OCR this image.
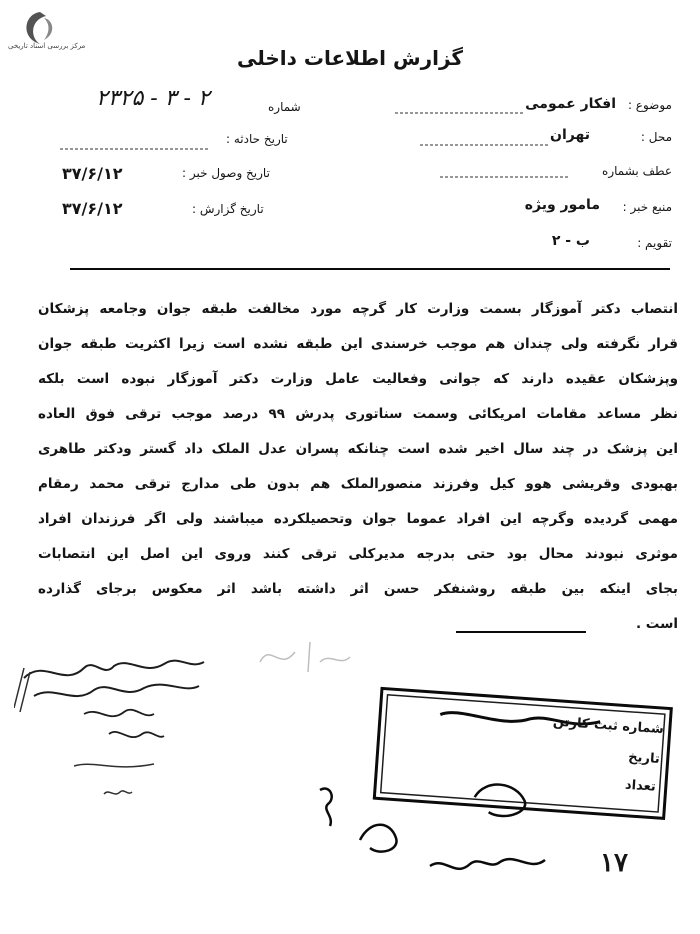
مرکز بررسی اسناد تاریخی	گزارش اطلاعات داخلی
موضوع :
افکار عمومی
محل :
تهران
عطف بشماره
منبع خبر :
مامور ویژه
تقویم :
ب - ۲
شماره
۲۳۲۵ - ۳ - ۲
تاریخ حادثه :
تاریخ وصول خبر :
۳۷/۶/۱۲
تاریخ گزارش :
۳۷/۶/۱۲
انتصاب دکتر آموزگار بسمت وزارت کار گرچه مورد مخالفت طبقه جوان وجامعه پزشکان
قرار نگرفته ولی چندان هم موجب خرسندی این طبقه نشده است زیرا اکثریت طبقه جوان
وپزشکان عقیده دارند که جوانی وفعالیت عامل وزارت دکتر آموزگار نبوده است بلکه
نظر مساعد مقامات امریکائی وسمت سناتوری پدرش ۹۹ درصد موجب ترقی فوق العاده
این پزشک در چند سال اخیر شده است چنانکه پسران عدل الملک داد گستر ودکتر طاهری
بهبودی وقریشی هوو کیل وفرزند منصورالملک هم بدون طی مدارج ترقی محمد رمقام
مهمی گردیده وگرچه این افراد عموما جوان وتحصیلکرده میباشند ولی اگر فرزندان افراد
موثری نبودند محال بود حتی بدرجه مدیرکلی ترقی کنند وروی این اصل این انتصابات
بجای اینکه بین طبقه روشنفکر حسن اثر داشته باشد اثر معکوس برجای گذارده
است .
شماره ثبت کارتن
تاریخ
تعداد
۱۷
